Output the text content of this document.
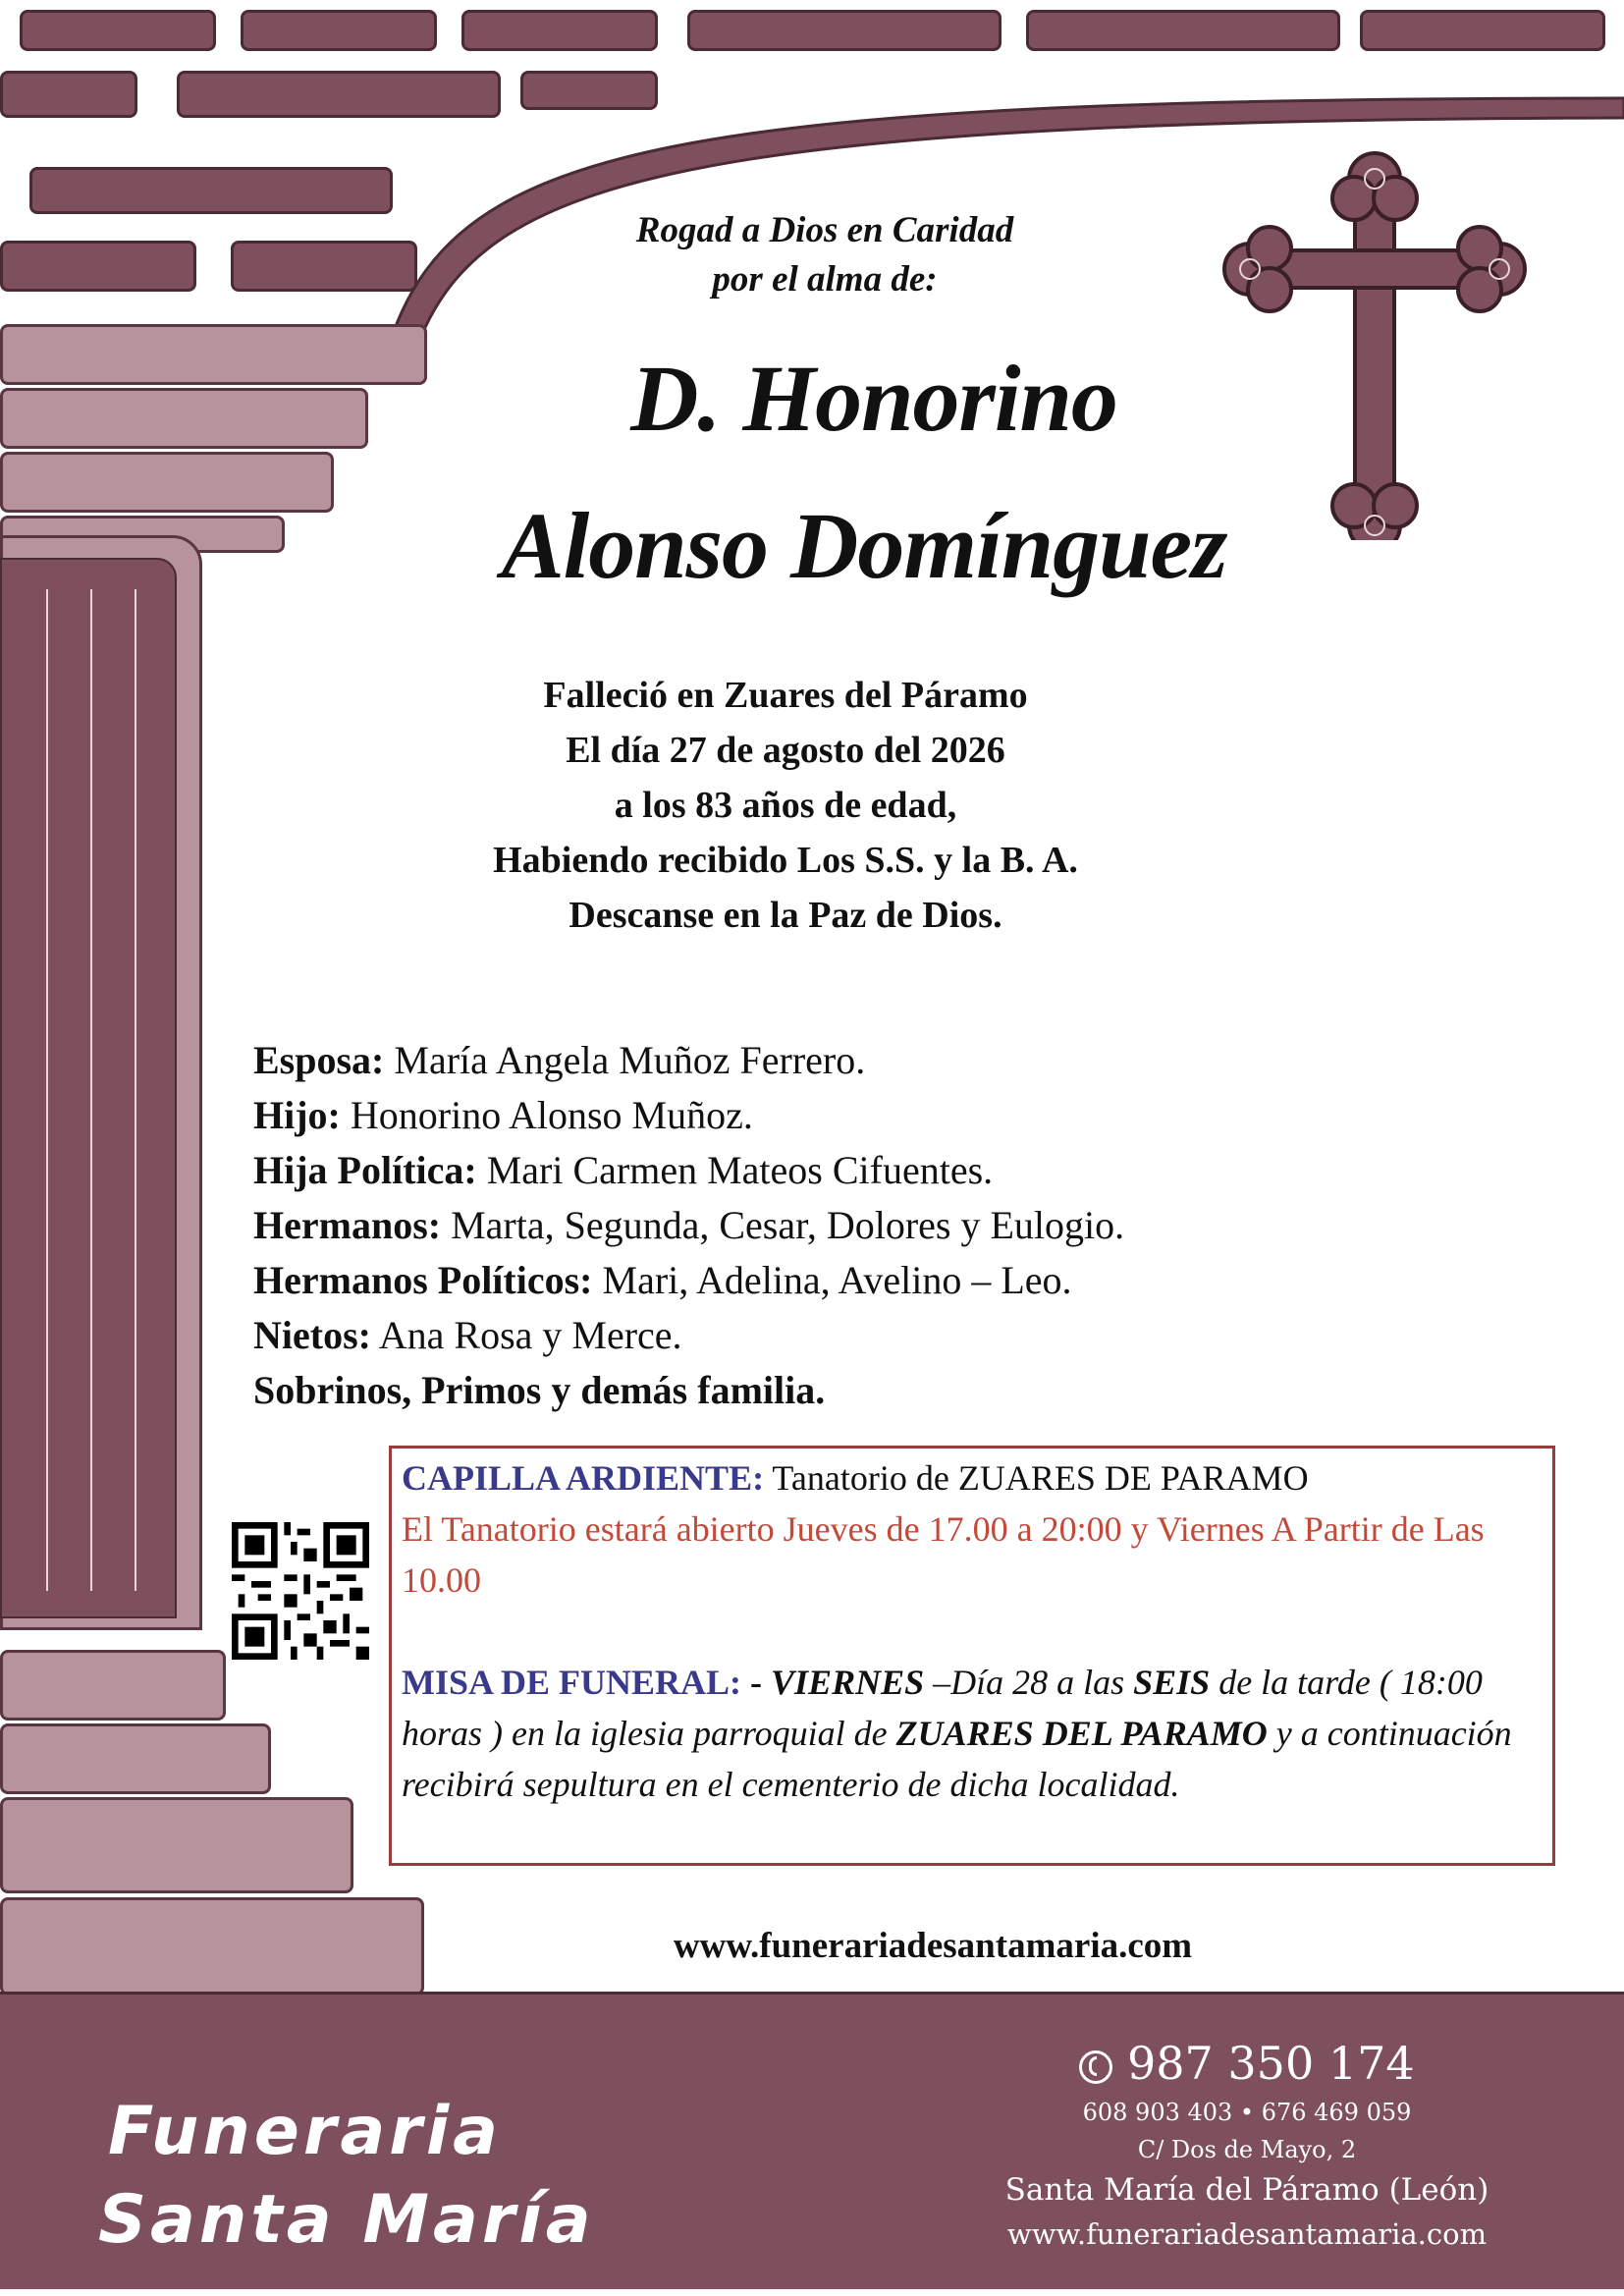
Rogad a Dios en Caridad
por el alma de:
D. Honorino
Alonso Domínguez
Falleció en Zuares del Páramo
El día 27 de agosto del 2026
a los 83 años de edad,
Habiendo recibido Los S.S. y la B. A.
Descanse en la Paz de Dios.
Esposa: María Angela Muñoz Ferrero.
Hijo: Honorino Alonso Muñoz.
Hija Política: Mari Carmen Mateos Cifuentes.
Hermanos: Marta, Segunda, Cesar, Dolores y Eulogio.
Hermanos Políticos: Mari, Adelina, Avelino – Leo.
Nietos: Ana Rosa y Merce.
Sobrinos, Primos y demás familia.
CAPILLA ARDIENTE: Tanatorio de ZUARES DE PARAMO
El Tanatorio estará abierto Jueves de 17.00 a 20:00 y Viernes A Partir de Las 10.00
MISA DE FUNERAL: - VIERNES –Día 28 a las SEIS de la tarde ( 18:00 horas ) en la iglesia parroquial de ZUARES DEL PARAMO y a continuación recibirá sepultura en el cementerio de dicha localidad.
www.funerariadesantamaria.com
Funeraria
Santa María
987 350 174
608 903 403 • 676 469 059
C/ Dos de Mayo, 2
Santa María del Páramo (León)
www.funerariadesantamaria.com
